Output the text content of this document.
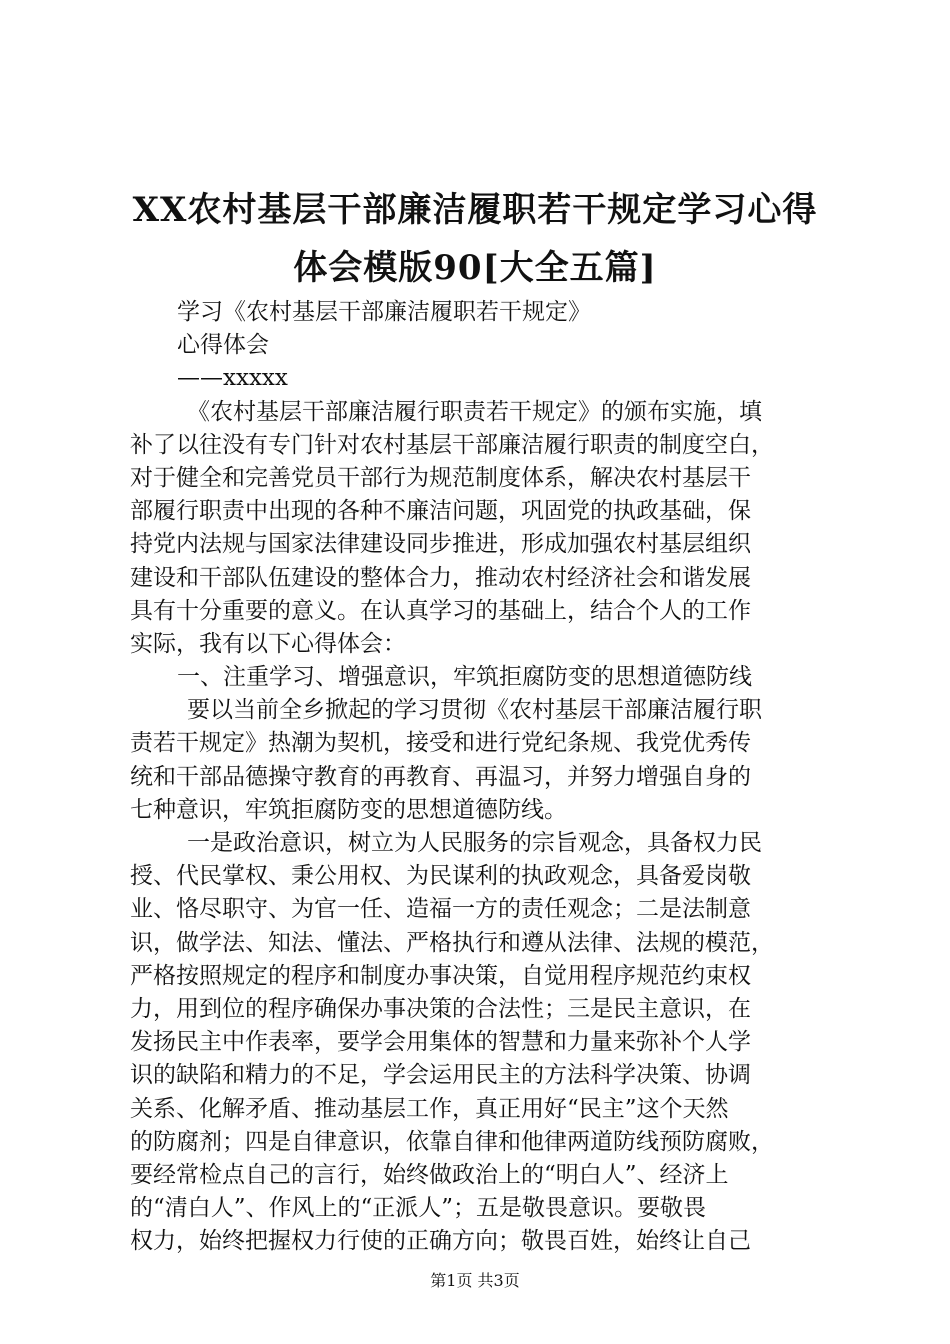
XX农村基层干部廉洁履职若干规定学习心得
体会模版90[大全五篇]
学习《农村基层干部廉洁履职若干规定》
心得体会
——xxxxx
《农村基层干部廉洁履行职责若干规定》的颁布实施，填
补了以往没有专门针对农村基层干部廉洁履行职责的制度空白，
对于健全和完善党员干部行为规范制度体系，解决农村基层干
部履行职责中出现的各种不廉洁问题，巩固党的执政基础，保
持党内法规与国家法律建设同步推进，形成加强农村基层组织
建设和干部队伍建设的整体合力，推动农村经济社会和谐发展
具有十分重要的意义。在认真学习的基础上，结合个人的工作
实际，我有以下心得体会：
一、注重学习、增强意识，牢筑拒腐防变的思想道德防线
要以当前全乡掀起的学习贯彻《农村基层干部廉洁履行职
责若干规定》热潮为契机，接受和进行党纪条规、我党优秀传
统和干部品德操守教育的再教育、再温习，并努力增强自身的
七种意识，牢筑拒腐防变的思想道德防线。
一是政治意识，树立为人民服务的宗旨观念，具备权力民
授、代民掌权、秉公用权、为民谋利的执政观念，具备爱岗敬
业、恪尽职守、为官一任、造福一方的责任观念；二是法制意
识，做学法、知法、懂法、严格执行和遵从法律、法规的模范，
严格按照规定的程序和制度办事决策，自觉用程序规范约束权
力，用到位的程序确保办事决策的合法性；三是民主意识，在
发扬民主中作表率，要学会用集体的智慧和力量来弥补个人学
识的缺陷和精力的不足，学会运用民主的方法科学决策、协调
关系、化解矛盾、推动基层工作，真正用好“民主”这个天然
的防腐剂；四是自律意识，依靠自律和他律两道防线预防腐败，
要经常检点自己的言行，始终做政治上的“明白人”、经济上
的“清白人”、作风上的“正派人”；五是敬畏意识。要敬畏
权力，始终把握权力行使的正确方向；敬畏百姓，始终让自己
第1页 共3页
